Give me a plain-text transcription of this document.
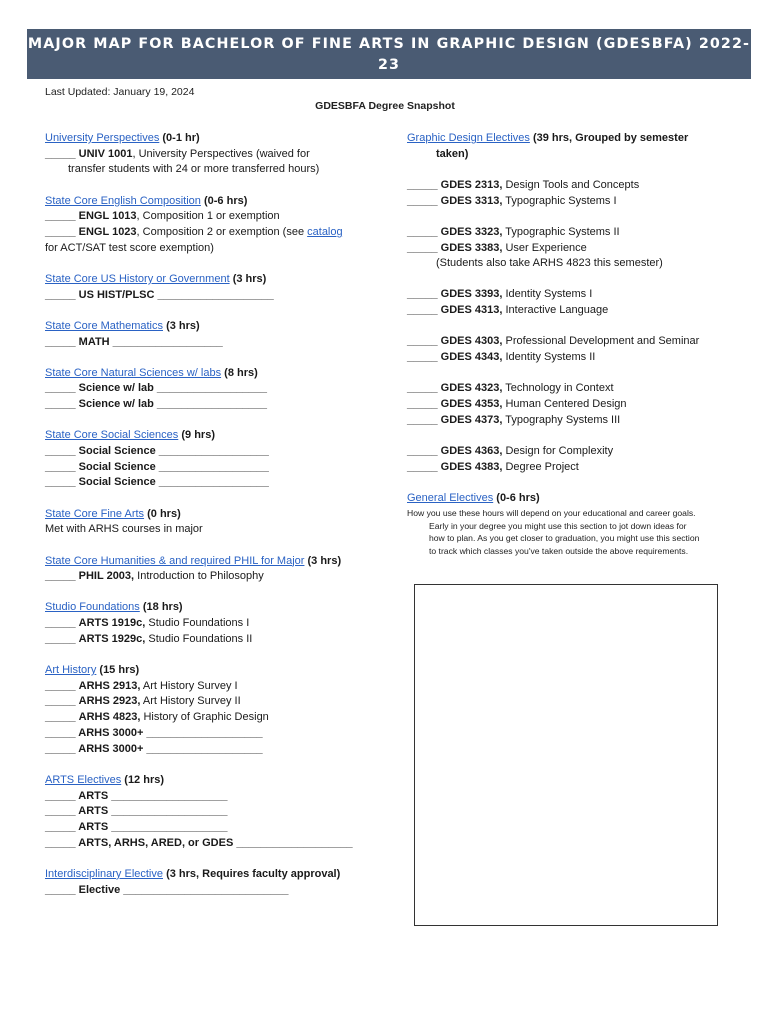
MAJOR MAP FOR BACHELOR OF FINE ARTS IN GRAPHIC DESIGN (GDESBFA) 2022-23
THROUGH 2023-24 CATALOG YEARS
Last Updated: January 19, 2024
GDESBFA Degree Snapshot
University Perspectives (0-1 hr)
_____ UNIV 1001, University Perspectives (waived for
transfer students with 24 or more transferred hours)
State Core English Composition (0-6 hrs)
_____ ENGL 1013, Composition 1 or exemption
_____ ENGL 1023, Composition 2 or exemption (see catalog
for ACT/SAT test score exemption)
State Core US History or Government (3 hrs)
_____ US HIST/PLSC ___________________
State Core Mathematics (3 hrs)
_____ MATH __________________
State Core Natural Sciences w/ labs (8 hrs)
_____ Science w/ lab __________________
_____ Science w/ lab __________________
State Core Social Sciences (9 hrs)
_____ Social Science __________________
_____ Social Science __________________
_____ Social Science __________________
State Core Fine Arts (0 hrs)
Met with ARHS courses in major
State Core Humanities & and required PHIL for Major (3 hrs)
_____ PHIL 2003, Introduction to Philosophy
Studio Foundations (18 hrs)
_____ ARTS 1919c, Studio Foundations I
_____ ARTS 1929c, Studio Foundations II
Art History (15 hrs)
_____ ARHS 2913, Art History Survey I
_____ ARHS 2923, Art History Survey II
_____ ARHS 4823, History of Graphic Design
_____ ARHS 3000+ ___________________
_____ ARHS 3000+ ___________________
ARTS Electives (12 hrs)
_____ ARTS ___________________
_____ ARTS ___________________
_____ ARTS ___________________
_____ ARTS, ARHS, ARED, or GDES ___________________
Interdisciplinary Elective (3 hrs, Requires faculty approval)
_____ Elective ___________________________
Graphic Design Electives (39 hrs, Grouped by semester
taken)
_____ GDES 2313, Design Tools and Concepts
_____ GDES 3313, Typographic Systems I
_____ GDES 3323, Typographic Systems II
_____ GDES 3383, User Experience
(Students also take ARHS 4823 this semester)
_____ GDES 3393, Identity Systems I
_____ GDES 4313, Interactive Language
_____ GDES 4303, Professional Development and Seminar
_____ GDES 4343, Identity Systems II
_____ GDES 4323, Technology in Context
_____ GDES 4353, Human Centered Design
_____ GDES 4373, Typography Systems III
_____ GDES 4363, Design for Complexity
_____ GDES 4383, Degree Project
General Electives (0-6 hrs)
How you use these hours will depend on your educational and career goals.
Early in your degree you might use this section to jot down ideas for
how to plan. As you get closer to graduation, you might use this section
to track which classes you've taken outside the above requirements.
